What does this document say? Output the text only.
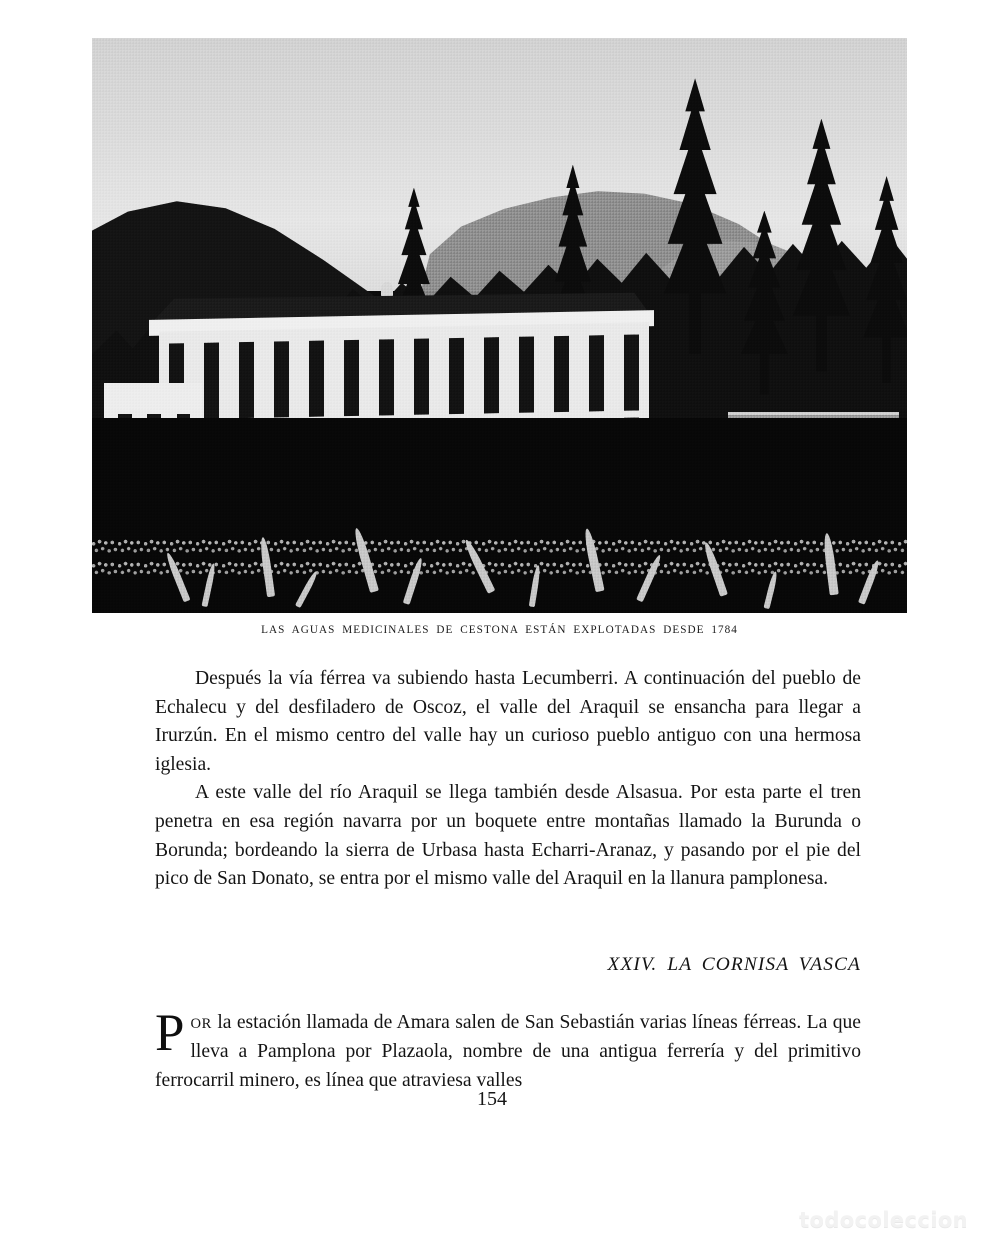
LAS AGUAS MEDICINALES DE CESTONA ESTÁN EXPLOTADAS DESDE 1784

Después la vía férrea va subiendo hasta Lecumberri. A continuación del pueblo de Echalecu y del desfiladero de Oscoz, el valle del Araquil se ensancha para llegar a Irurzún. En el mismo centro del valle hay un curioso pueblo antiguo con una hermosa iglesia.

A este valle del río Araquil se llega también desde Alsasua. Por esta parte el tren penetra en esa región navarra por un boquete entre montañas llamado la Burunda o Borunda; bordeando la sierra de Urbasa hasta Echarri-Aranaz, y pasando por el pie del pico de San Donato, se entra por el mismo valle del Araquil en la llanura pamplonesa.

XXIV. LA CORNISA VASCA

POR la estación llamada de Amara salen de San Sebastián varias líneas férreas. La que lleva a Pamplona por Plazaola, nombre de una antigua ferrería y del primitivo ferrocarril minero, es línea que atraviesa valles

154
todocoleccion
